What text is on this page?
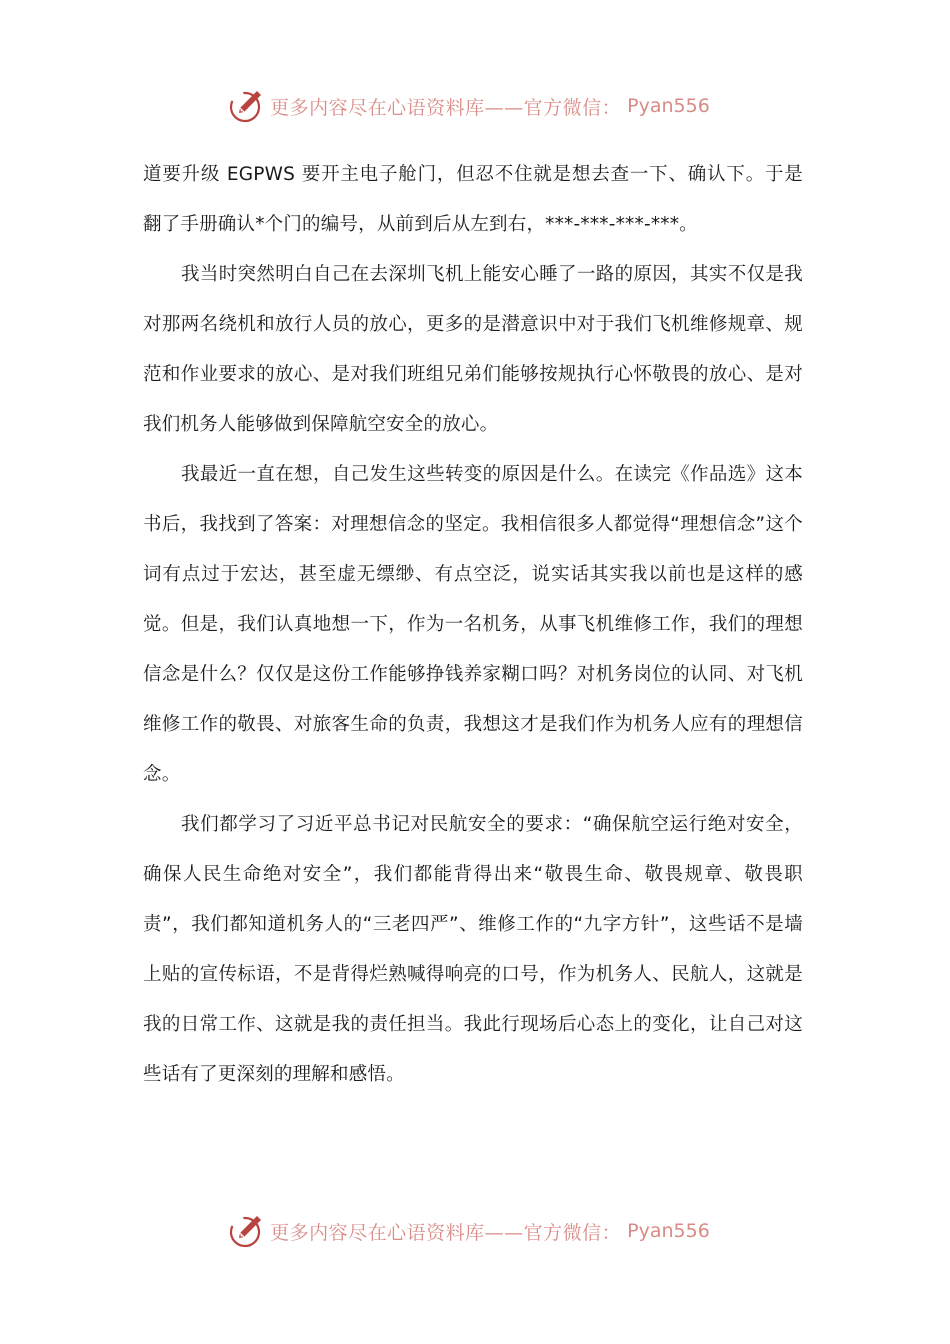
更多内容尽在心语资料库——官方微信： Pyan556

道要升级 EGPWS 要开主电子舱门，但忍不住就是想去查一下、确认下。于是翻了手册确认*个门的编号，从前到后从左到右，***-***-***-***。

我当时突然明白自己在去深圳飞机上能安心睡了一路的原因，其实不仅是我对那两名绕机和放行人员的放心，更多的是潜意识中对于我们飞机维修规章、规范和作业要求的放心、是对我们班组兄弟们能够按规执行心怀敬畏的放心、是对我们机务人能够做到保障航空安全的放心。

我最近一直在想，自己发生这些转变的原因是什么。在读完《作品选》这本书后，我找到了答案：对理想信念的坚定。我相信很多人都觉得“理想信念”这个词有点过于宏达，甚至虚无缥缈、有点空泛，说实话其实我以前也是这样的感觉。但是，我们认真地想一下，作为一名机务，从事飞机维修工作，我们的理想信念是什么？仅仅是这份工作能够挣钱养家糊口吗？对机务岗位的认同、对飞机维修工作的敬畏、对旅客生命的负责，我想这才是我们作为机务人应有的理想信念。

我们都学习了习近平总书记对民航安全的要求：“确保航空运行绝对安全，确保人民生命绝对安全”，我们都能背得出来“敬畏生命、敬畏规章、敬畏职责”，我们都知道机务人的“三老四严”、维修工作的“九字方针”，这些话不是墙上贴的宣传标语，不是背得烂熟喊得响亮的口号，作为机务人、民航人，这就是我的日常工作、这就是我的责任担当。我此行现场后心态上的变化，让自己对这些话有了更深刻的理解和感悟。

更多内容尽在心语资料库——官方微信： Pyan556
